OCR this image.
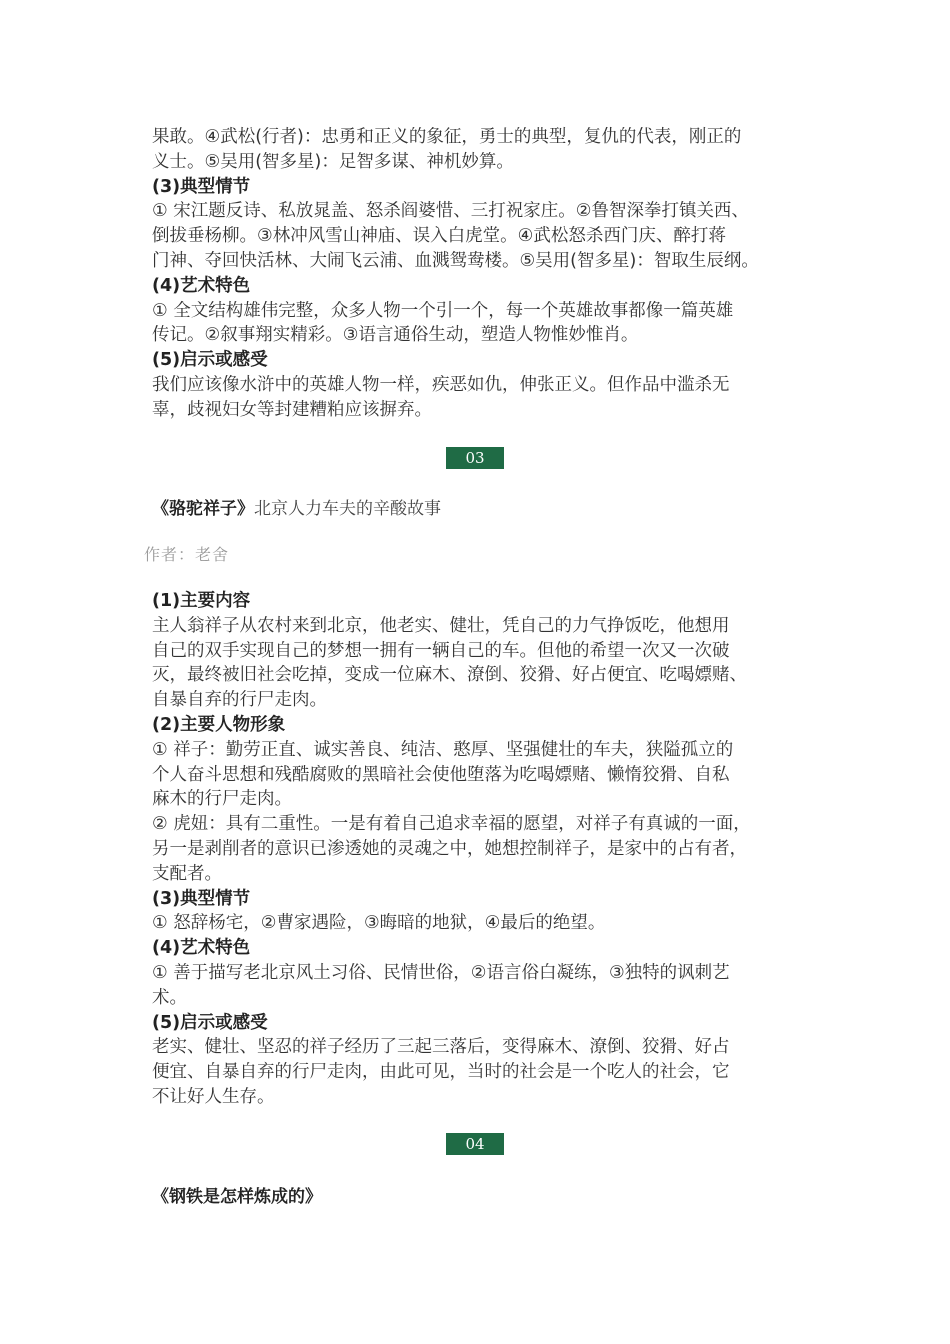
果敢。④武松(行者)：忠勇和正义的象征，勇士的典型，复仇的代表，刚正的

义士。⑤吴用(智多星)：足智多谋、神机妙算。

(3)典型情节

① 宋江题反诗、私放晁盖、怒杀阎婆惜、三打祝家庄。②鲁智深拳打镇关西、

倒拔垂杨柳。③林冲风雪山神庙、误入白虎堂。④武松怒杀西门庆、醉打蒋

门神、夺回快活林、大闹飞云浦、血溅鸳鸯楼。⑤吴用(智多星)：智取生辰纲。

(4)艺术特色

① 全文结构雄伟完整，众多人物一个引一个，每一个英雄故事都像一篇英雄

传记。②叙事翔实精彩。③语言通俗生动，塑造人物惟妙惟肖。

(5)启示或感受

我们应该像水浒中的英雄人物一样，疾恶如仇，伸张正义。但作品中滥杀无

辜，歧视妇女等封建糟粕应该摒弃。

03
《骆驼祥子》北京人力车夫的辛酸故事
作者：老舍

(1)主要内容

主人翁祥子从农村来到北京，他老实、健壮，凭自己的力气挣饭吃，他想用

自己的双手实现自己的梦想一拥有一辆自己的车。但他的希望一次又一次破

灭，最终被旧社会吃掉，变成一位麻木、潦倒、狡猾、好占便宜、吃喝嫖赌、

自暴自弃的行尸走肉。

(2)主要人物形象

① 祥子：勤劳正直、诚实善良、纯洁、憨厚、坚强健壮的车夫，狭隘孤立的

个人奋斗思想和残酷腐败的黑暗社会使他堕落为吃喝嫖赌、懒惰狡猾、自私

麻木的行尸走肉。

② 虎妞：具有二重性。一是有着自己追求幸福的愿望，对祥子有真诚的一面，

另一是剥削者的意识已渗透她的灵魂之中，她想控制祥子，是家中的占有者，

支配者。

(3)典型情节

① 怒辞杨宅，②曹家遇险，③晦暗的地狱，④最后的绝望。

(4)艺术特色

① 善于描写老北京风土习俗、民情世俗，②语言俗白凝练，③独特的讽刺艺

术。

(5)启示或感受

老实、健壮、坚忍的祥子经历了三起三落后，变得麻木、潦倒、狡猾、好占

便宜、自暴自弃的行尸走肉，由此可见，当时的社会是一个吃人的社会，它

不让好人生存。

04
《钢铁是怎样炼成的》
